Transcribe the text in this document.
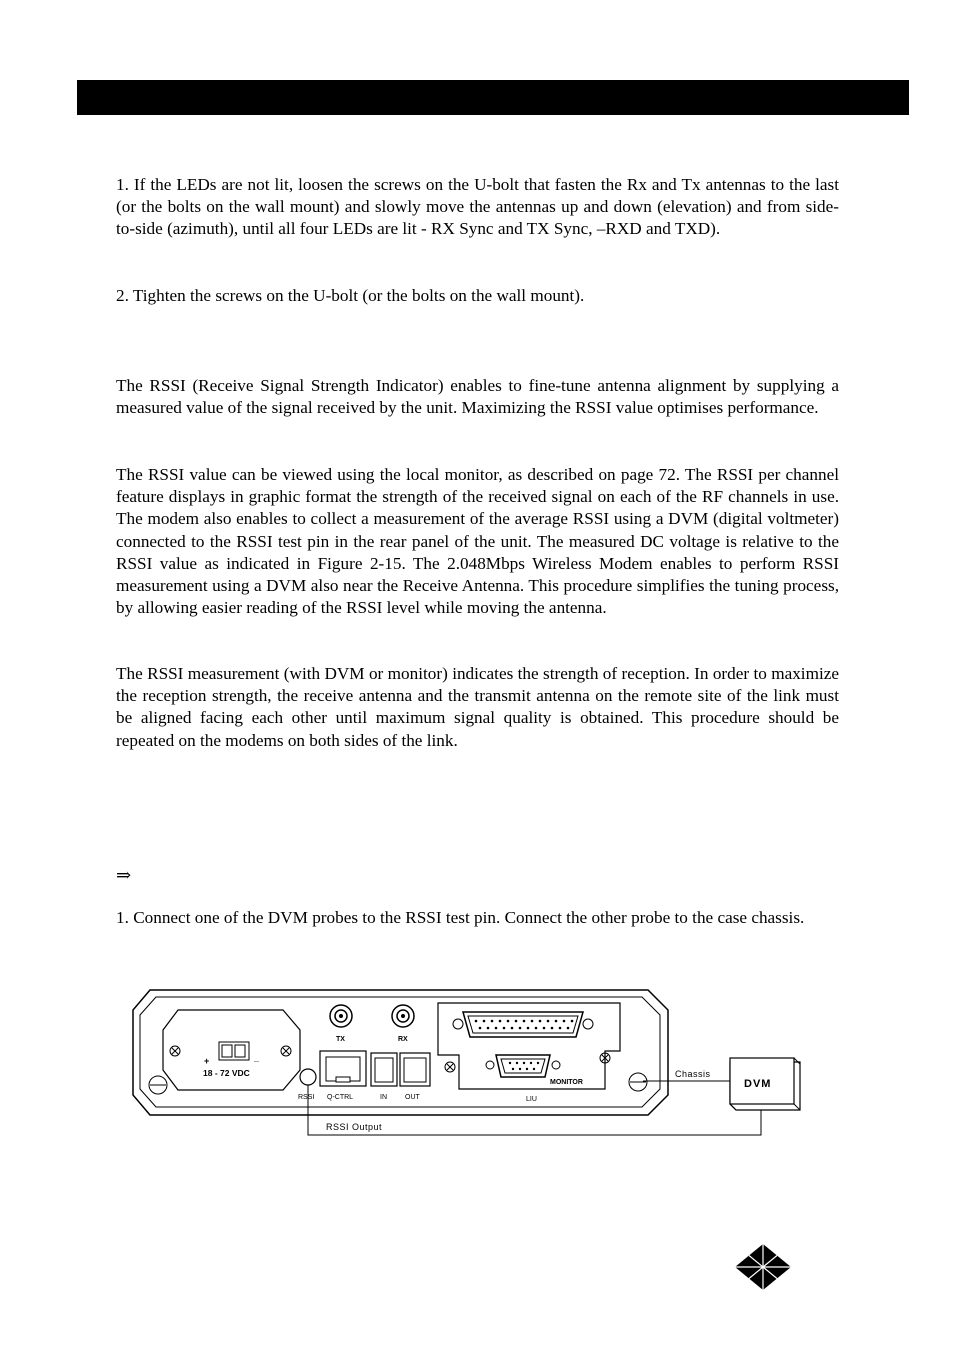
1. If the LEDs are not lit, loosen the screws on the U-bolt that fasten the Rx and Tx antennas to the last (or the bolts on the wall mount) and slowly move the antennas up and down (elevation) and from side-to-side (azimuth), until all four LEDs are lit - RX Sync and TX Sync, –RXD and TXD).

2. Tighten the screws on the U-bolt (or the bolts on the wall mount).

The RSSI (Receive Signal Strength Indicator) enables to fine-tune antenna alignment by supplying a measured value of the signal received by the unit. Maximizing the RSSI value optimises performance.

The RSSI value can be viewed using the local monitor, as described on page 72. The RSSI per channel feature displays in graphic format the strength of the received signal on each of the RF channels in use. The modem also enables to collect a measurement of the average RSSI using a DVM (digital voltmeter) connected to the RSSI test pin in the rear panel of the unit. The measured DC voltage is relative to the RSSI value as indicated in Figure 2-15. The 2.048Mbps Wireless Modem enables to perform RSSI measurement using a DVM also near the Receive Antenna. This procedure simplifies the tuning process, by allowing easier reading of the RSSI level while moving the antenna.

The RSSI measurement (with DVM or monitor) indicates the strength of reception. In order to maximize the reception strength, the receive antenna and the transmit antenna on the remote site of the link must be aligned facing each other until maximum signal quality is obtained. This procedure should be repeated on the modems on both sides of the link.

⇒

1. Connect one of the DVM probes to the RSSI test pin. Connect the other probe to the case chassis.

+	_
18 - 72 VDC
RSSI
TX	RX
Q-CTRL	IN	OUT
MONITOR
LIU
DVM
Chassis
RSSI Output
